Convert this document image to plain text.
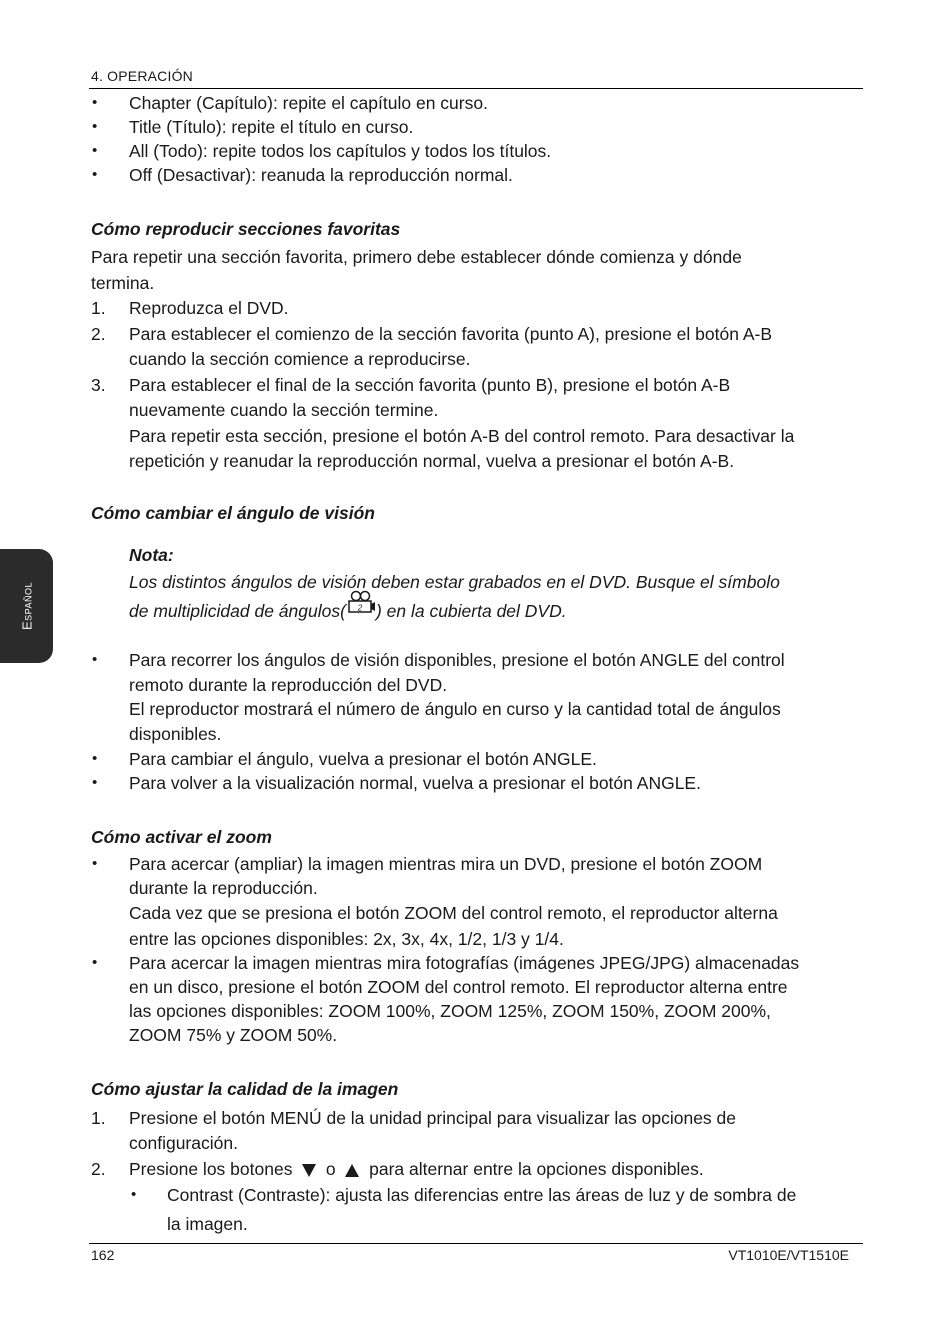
4. OPERACIÓN
Español
• Chapter (Capítulo): repite el capítulo en curso.
• Title (Título): repite el título en curso.
• All (Todo): repite todos los capítulos y todos los títulos.
• Off (Desactivar): reanuda la reproducción normal.
Cómo reproducir secciones favoritas
Para repetir una sección favorita, primero debe establecer dónde comienza y dónde
termina.
1. Reproduzca el DVD.
2. Para establecer el comienzo de la sección favorita (punto A), presione el botón A-B
cuando la sección comience a reproducirse.
3. Para establecer el final de la sección favorita (punto B), presione el botón A-B
nuevamente cuando la sección termine.
Para repetir esta sección, presione el botón A-B del control remoto. Para desactivar la
repetición y reanudar la reproducción normal, vuelva a presionar el botón A-B.
Cómo cambiar el ángulo de visión
Nota:
Los distintos ángulos de visión deben estar grabados en el DVD. Busque el símbolo
de multiplicidad de ángulos( 2 ) en la cubierta del DVD.
• Para recorrer los ángulos de visión disponibles, presione el botón ANGLE del control
remoto durante la reproducción del DVD.
El reproductor mostrará el número de ángulo en curso y la cantidad total de ángulos
disponibles.
• Para cambiar el ángulo, vuelva a presionar el botón ANGLE.
• Para volver a la visualización normal, vuelva a presionar el botón ANGLE.
Cómo activar el zoom
• Para acercar (ampliar) la imagen mientras mira un DVD, presione el botón ZOOM
durante la reproducción.
Cada vez que se presiona el botón ZOOM del control remoto, el reproductor alterna
entre las opciones disponibles: 2x, 3x, 4x, 1/2, 1/3 y 1/4.
• Para acercar la imagen mientras mira fotografías (imágenes JPEG/JPG) almacenadas
en un disco, presione el botón ZOOM del control remoto. El reproductor alterna entre
las opciones disponibles: ZOOM 100%, ZOOM 125%, ZOOM 150%, ZOOM 200%,
ZOOM 75% y ZOOM 50%.
Cómo ajustar la calidad de la imagen
1. Presione el botón MENÚ de la unidad principal para visualizar las opciones de
configuración.
2. Presione los botones o para alternar entre la opciones disponibles.
• Contrast (Contraste): ajusta las diferencias entre las áreas de luz y de sombra de
la imagen.
162	VT1010E/VT1510E
